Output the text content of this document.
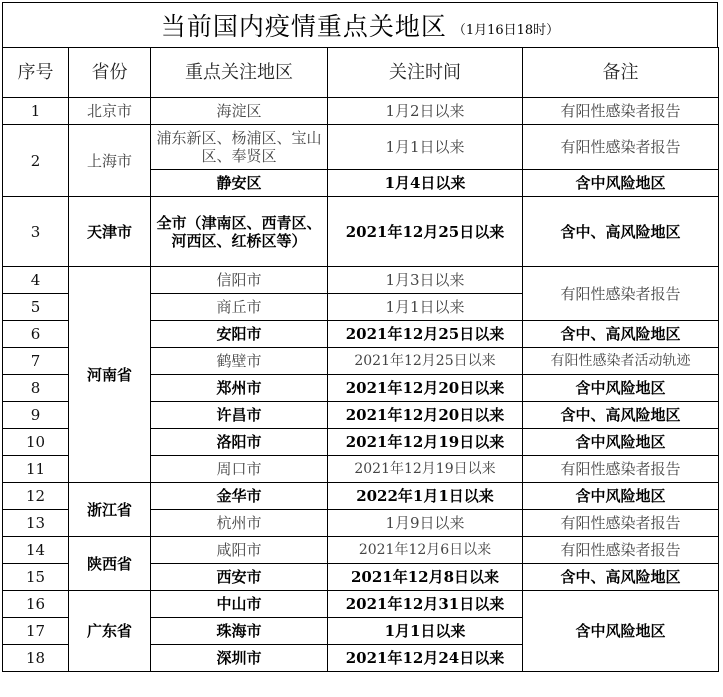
当前国内疫情重点关地区 （1月16日18时）
序号	省份	重点关注地区	关注时间	备注
1	北京市	海淀区	1月2日以来	有阳性感染者报告
2	上海市	浦东新区、杨浦区、宝山区、奉贤区	1月1日以来	有阳性感染者报告
		静安区	1月4日以来	含中风险地区
3	天津市	全市（津南区、西青区、河西区、红桥区等）	2021年12月25日以来	含中、高风险地区
4	河南省	信阳市	1月3日以来	有阳性感染者报告
5		商丘市	1月1日以来	
6		安阳市	2021年12月25日以来	含中、高风险地区
7		鹤壁市	2021年12月25日以来	有阳性感染者活动轨迹
8		郑州市	2021年12月20日以来	含中风险地区
9		许昌市	2021年12月20日以来	含中、高风险地区
10		洛阳市	2021年12月19日以来	含中风险地区
11		周口市	2021年12月19日以来	有阳性感染者报告
12	浙江省	金华市	2022年1月1日以来	含中风险地区
13		杭州市	1月9日以来	有阳性感染者报告
14	陕西省	咸阳市	2021年12月6日以来	有阳性感染者报告
15		西安市	2021年12月8日以来	含中、高风险地区
16	广东省	中山市	2021年12月31日以来	含中风险地区
17		珠海市	1月1日以来	
18		深圳市	2021年12月24日以来	
